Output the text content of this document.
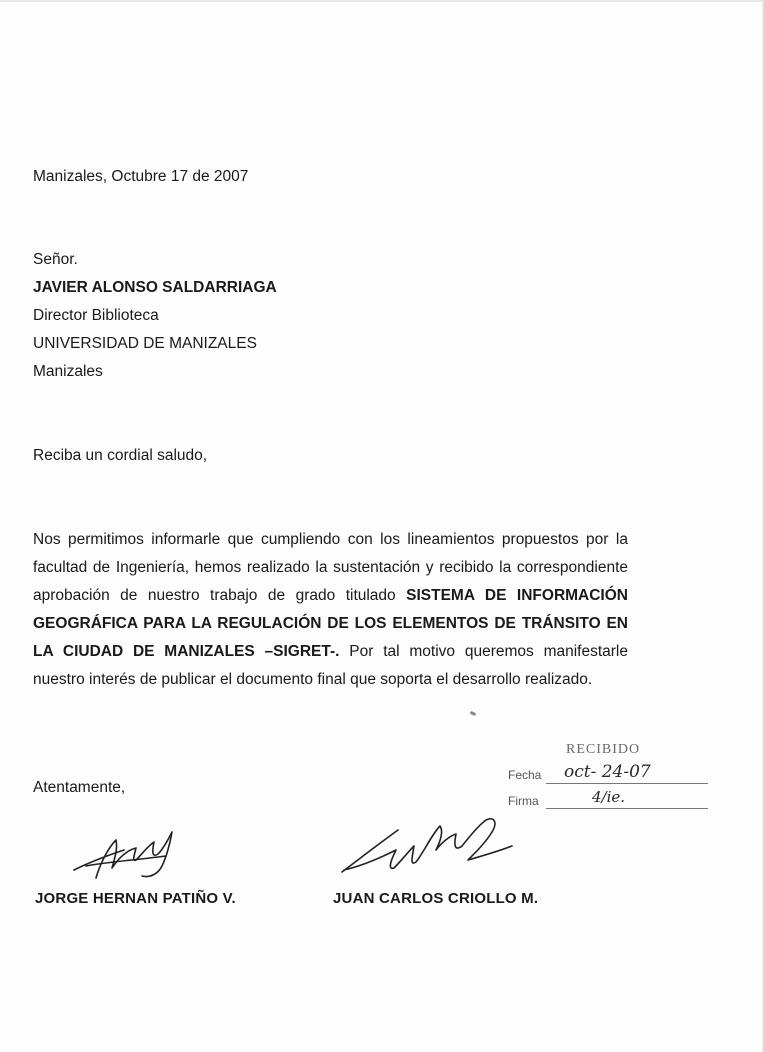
Manizales, Octubre 17 de 2007
Señor.
JAVIER ALONSO SALDARRIAGA
Director Biblioteca
UNIVERSIDAD DE MANIZALES
Manizales
Reciba un cordial saludo,
Nos permitimos informarle que cumpliendo con los lineamientos propuestos por la facultad de Ingeniería, hemos realizado la sustentación y recibido la correspondiente aprobación de nuestro trabajo de grado titulado SISTEMA DE INFORMACIÓN GEOGRÁFICA PARA LA REGULACIÓN DE LOS ELEMENTOS DE TRÁNSITO EN LA CIUDAD DE MANIZALES –SIGRET-. Por tal motivo queremos manifestarle nuestro interés de publicar el documento final que soporta el desarrollo realizado.
Atentamente,
RECIBIDO
Fecha oct- 24-07
Firma	4/ie.
JORGE HERNAN PATIÑO V.	JUAN CARLOS CRIOLLO M.
